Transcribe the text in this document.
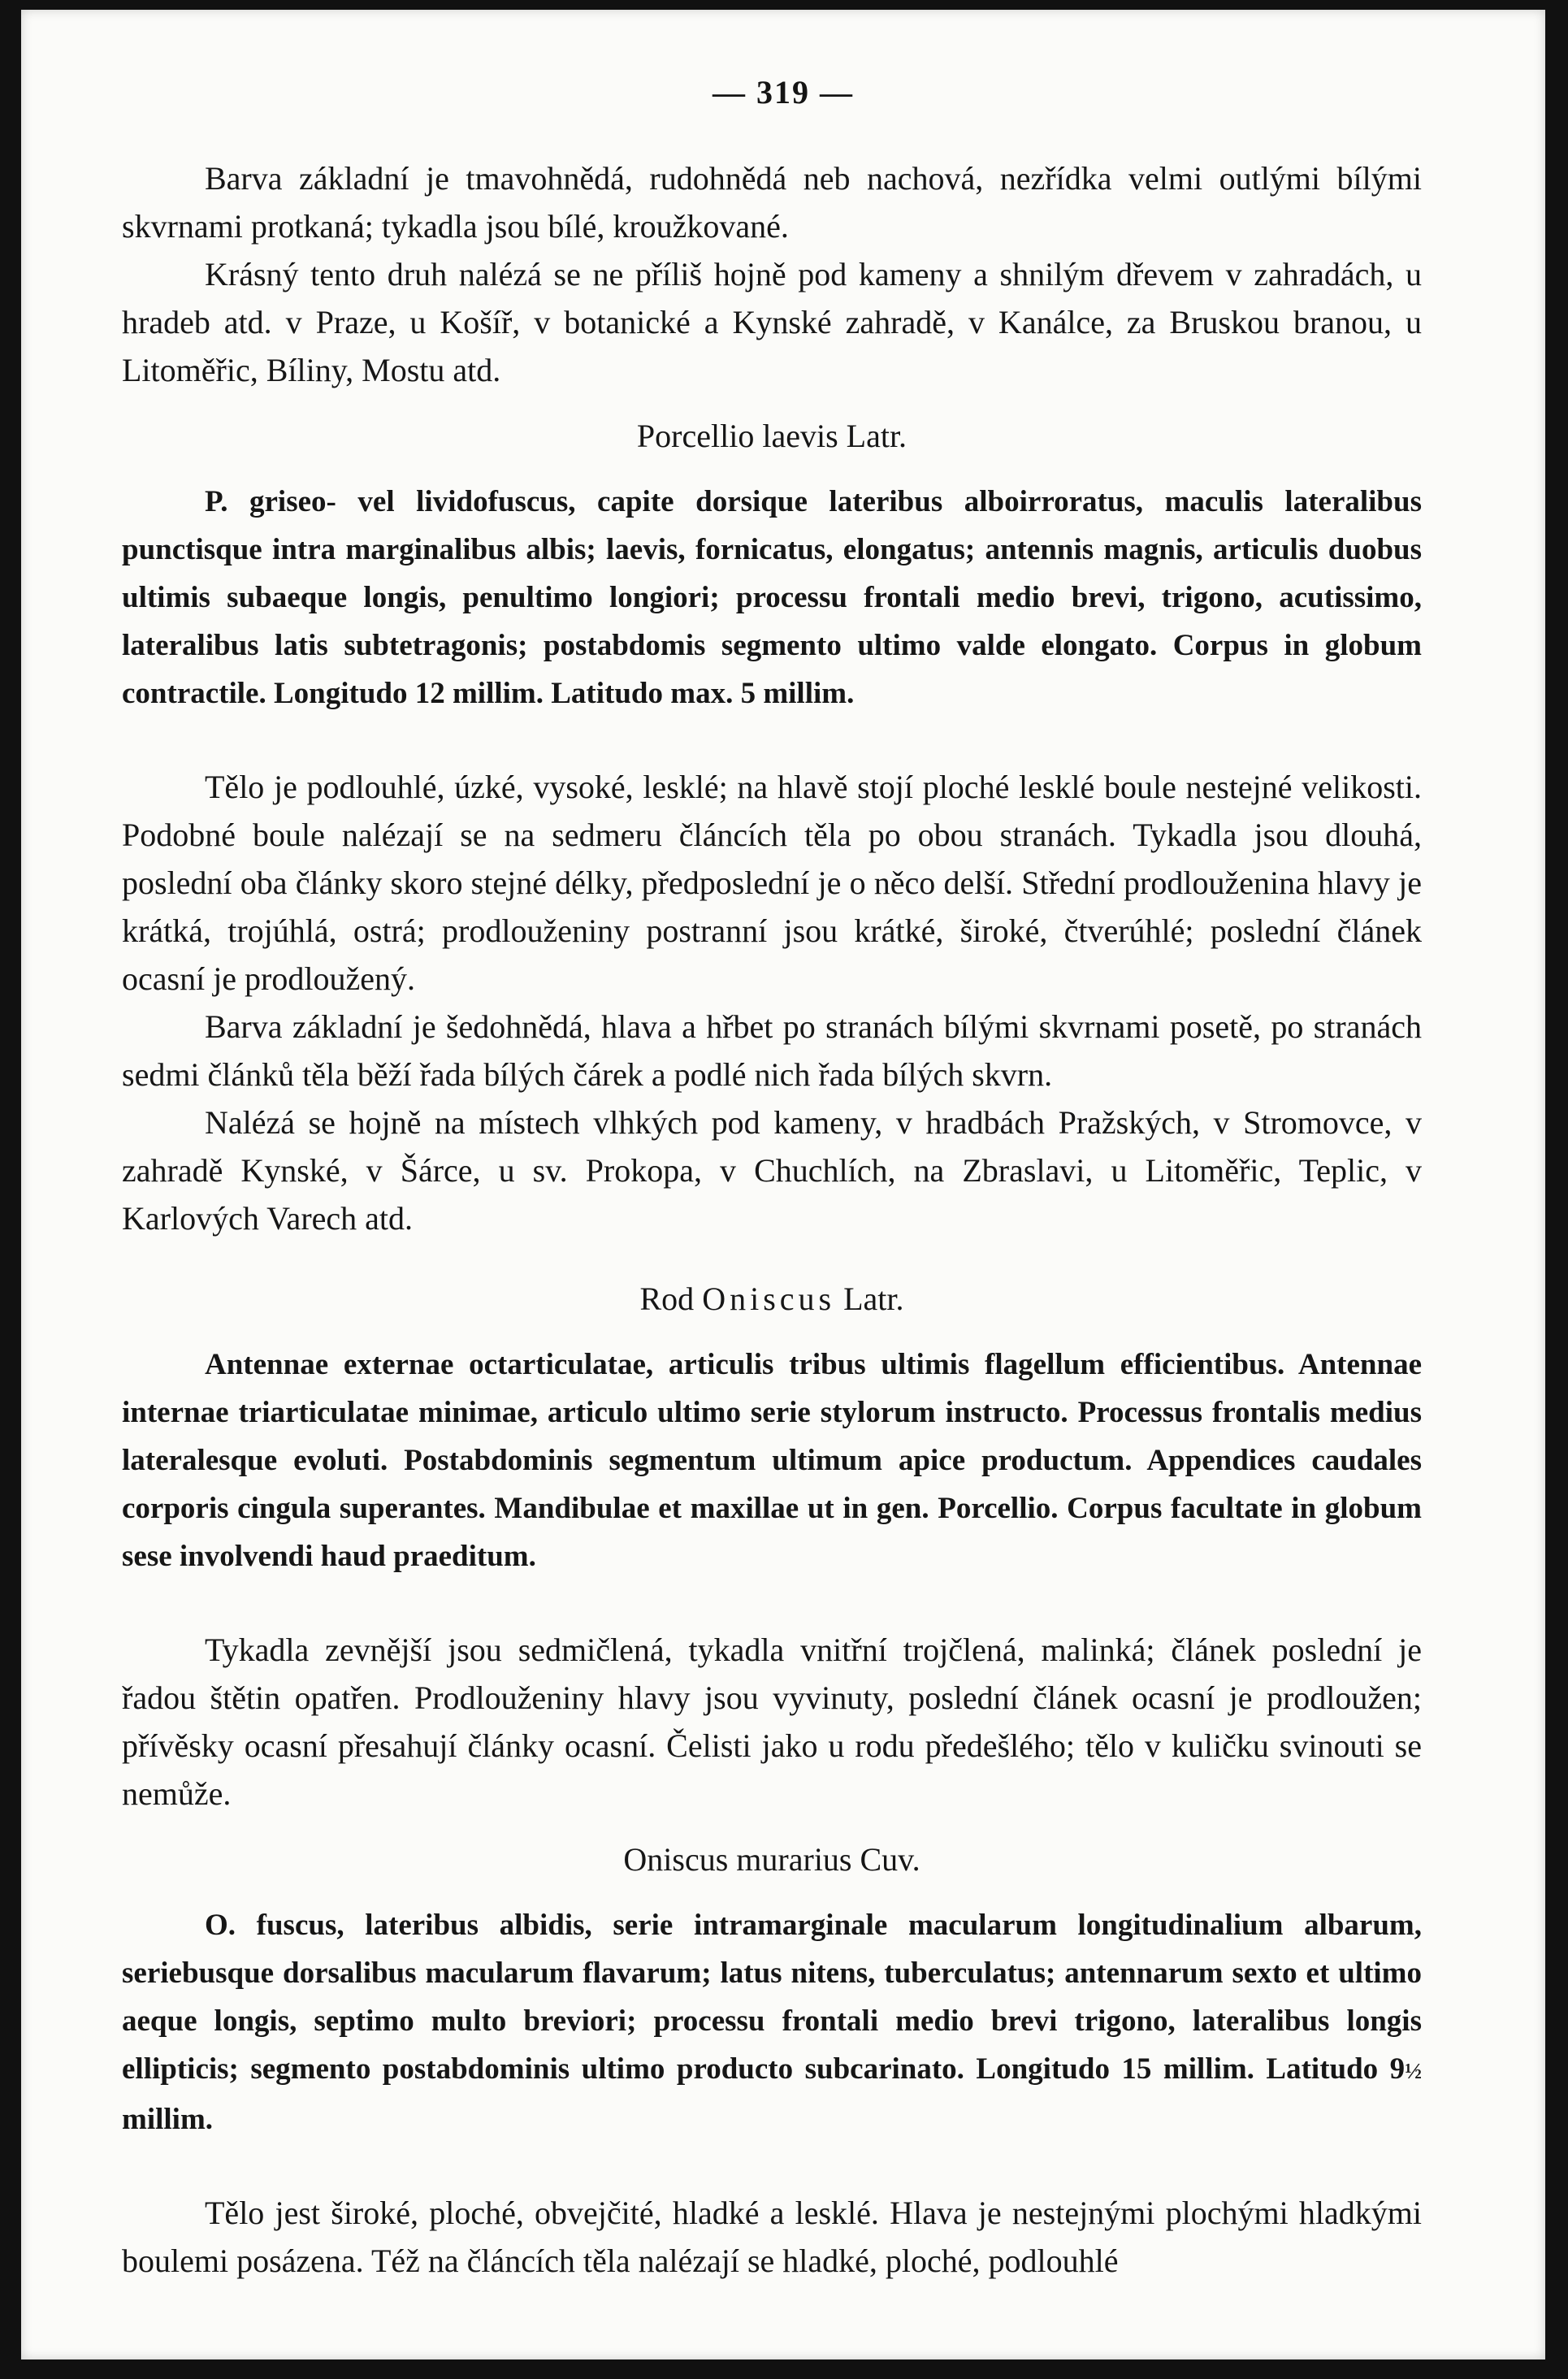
— 319 —

Barva základní je tmavohnědá, rudohnědá neb nachová, nezřídka velmi outlými bílými skvrnami protkaná; tykadla jsou bílé, kroužkované.

Krásný tento druh nalézá se ne příliš hojně pod kameny a shnilým dřevem v zahradách, u hradeb atd. v Praze, u Košíř, v botanické a Kynské zahradě, v Kanálce, za Bruskou branou, u Litoměřic, Bíliny, Mostu atd.

Porcellio laevis Latr.

P. griseo- vel lividofuscus, capite dorsique lateribus alboirroratus, maculis lateralibus punctisque intra marginalibus albis; laevis, fornicatus, elongatus; antennis magnis, articulis duobus ultimis subaeque longis, penultimo longiori; processu frontali medio brevi, trigono, acutissimo, lateralibus latis subtetragonis; postabdomis segmento ultimo valde elongato. Corpus in globum contractile. Longitudo 12 millim. Latitudo max. 5 millim.

Tělo je podlouhlé, úzké, vysoké, lesklé; na hlavě stojí ploché lesklé boule nestejné velikosti. Podobné boule nalézají se na sedmeru článcích těla po obou stranách. Tykadla jsou dlouhá, poslední oba články skoro stejné délky, předposlední je o něco delší. Střední prodlouženina hlavy je krátká, trojúhlá, ostrá; prodlouženiny postranní jsou krátké, široké, čtverúhlé; poslední článek ocasní je prodloužený.

Barva základní je šedohnědá, hlava a hřbet po stranách bílými skvrnami posetě, po stranách sedmi článků těla běží řada bílých čárek a podlé nich řada bílých skvrn.

Nalézá se hojně na místech vlhkých pod kameny, v hradbách Pražských, v Stromovce, v zahradě Kynské, v Šárce, u sv. Prokopa, v Chuchlích, na Zbraslavi, u Litoměřic, Teplic, v Karlových Varech atd.

Rod Oniscus Latr.

Antennae externae octarticulatae, articulis tribus ultimis flagellum efficientibus. Antennae internae triarticulatae minimae, articulo ultimo serie stylorum instructo. Processus frontalis medius lateralesque evoluti. Postabdominis segmentum ultimum apice productum. Appendices caudales corporis cingula superantes. Mandibulae et maxillae ut in gen. Porcellio. Corpus facultate in globum sese involvendi haud praeditum.

Tykadla zevnější jsou sedmičlená, tykadla vnitřní trojčlená, malinká; článek poslední je řadou štětin opatřen. Prodlouženiny hlavy jsou vyvinuty, poslední článek ocasní je prodloužen; přívěsky ocasní přesahují články ocasní. Čelisti jako u rodu předešlého; tělo v kuličku svinouti se nemůže.

Oniscus murarius Cuv.

O. fuscus, lateribus albidis, serie intramarginale macularum longitudinalium albarum, seriebusque dorsalibus macularum flavarum; latus nitens, tuberculatus; antennarum sexto et ultimo aeque longis, septimo multo breviori; processu frontali medio brevi trigono, lateralibus longis ellipticis; segmento postabdominis ultimo producto subcarinato. Longitudo 15 millim. Latitudo 9½ millim.

Tělo jest široké, ploché, obvejčité, hladké a lesklé. Hlava je nestejnými plochými hladkými boulemi posázena. Též na článcích těla nalézají se hladké, ploché, podlouhlé
